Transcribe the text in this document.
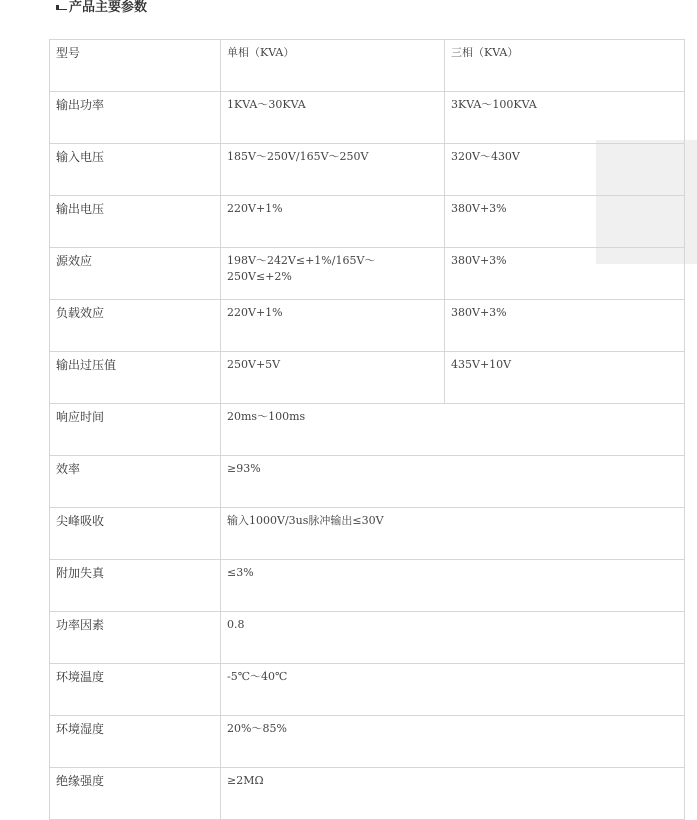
产品主要参数
型号	单相（KVA）	三相（KVA）
输出功率	1KVA～30KVA	3KVA～100KVA
输入电压	185V～250V/165V～250V	320V～430V
输出电压	220V+1%	380V+3%
源效应	198V～242V≤+1%/165V～250V≤+2%	380V+3%
负载效应	220V+1%	380V+3%
输出过压值	250V+5V	435V+10V
响应时间	20ms～100ms	
效率	≥93%	
尖峰吸收	输入1000V/3us脉冲输出≤30V	
附加失真	≤3%	
功率因素	0.8	
环境温度	-5℃～40℃	
环境湿度	20%～85%	
绝缘强度	≥2MΩ	
